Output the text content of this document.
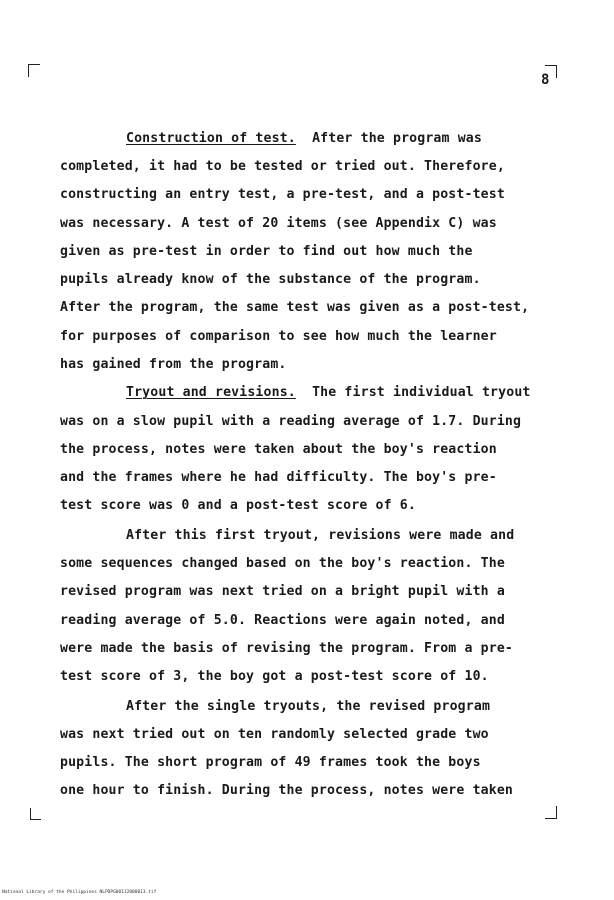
8
Construction of test. After the program was
completed, it had to be tested or tried out. Therefore,
constructing an entry test, a pre-test, and a post-test
was necessary. A test of 20 items (see Appendix C) was
given as pre-test in order to find out how much the
pupils already know of the substance of the program.
After the program, the same test was given as a post-test,
for purposes of comparison to see how much the learner
has gained from the program.
Tryout and revisions. The first individual tryout
was on a slow pupil with a reading average of 1.7. During
the process, notes were taken about the boy's reaction
and the frames where he had difficulty. The boy's pre-
test score was 0 and a post-test score of 6.
After this first tryout, revisions were made and
some sequences changed based on the boy's reaction. The
revised program was next tried on a bright pupil with a
reading average of 5.0. Reactions were again noted, and
were made the basis of revising the program. From a pre-
test score of 3, the boy got a post-test score of 10.
After the single tryouts, the revised program
was next tried out on ten randomly selected grade two
pupils. The short program of 49 frames took the boys
one hour to finish. During the process, notes were taken
National Library of the Philippines NLPDPG00112000013.tif
